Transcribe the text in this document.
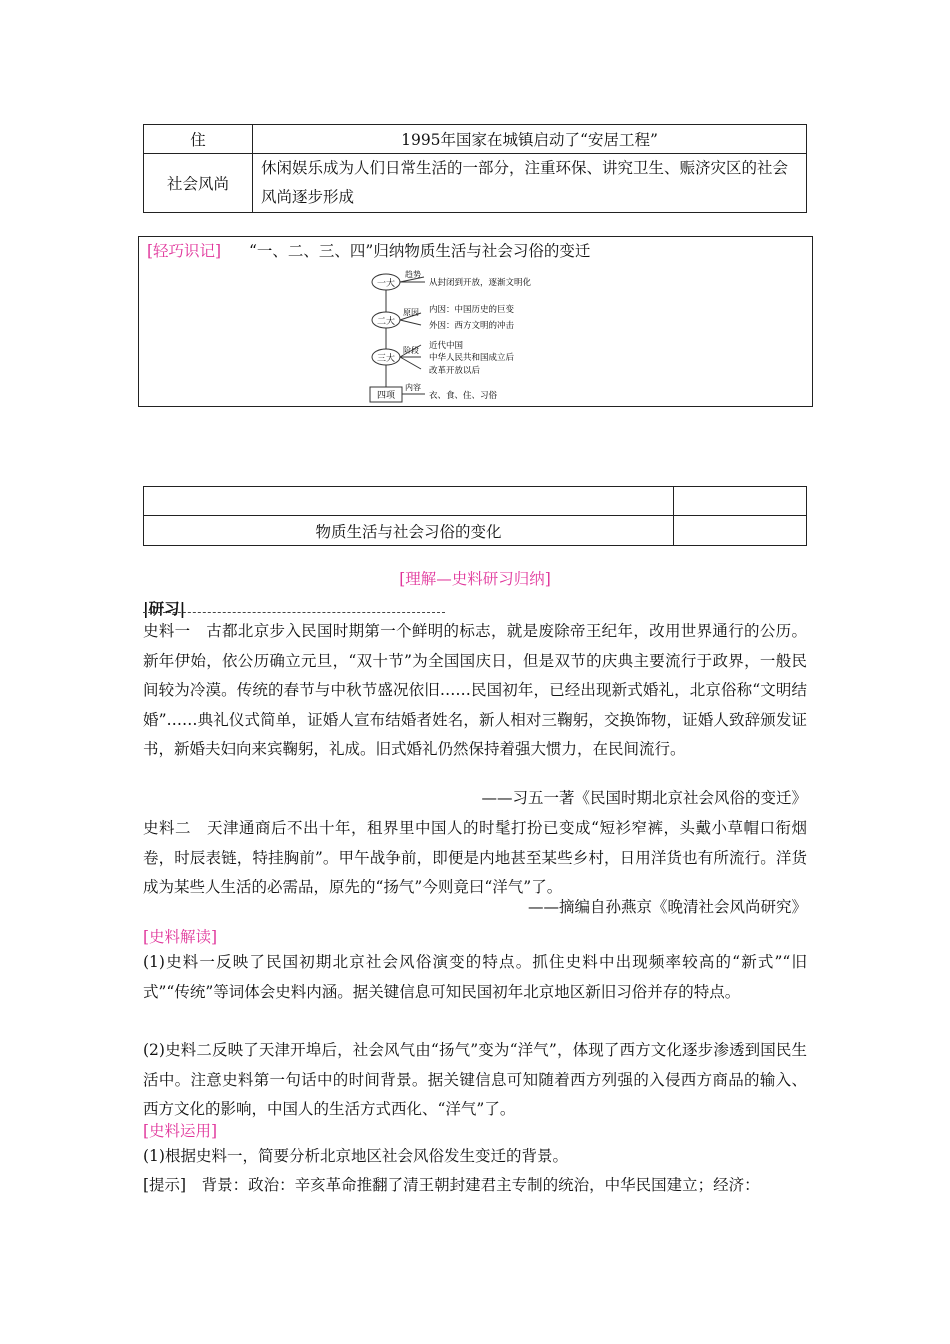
住	1995年国家在城镇启动了“安居工程”
社会风尚	休闲娱乐成为人们日常生活的一部分，注重环保、讲究卫生、赈济灾区的社会风尚逐步形成
[轻巧识记] “一、二、三、四”归纳物质生活与社会习俗的变迁
一大
趋势
从封闭到开放，逐渐文明化
二大
原因 内因：中国历史的巨变
外因：西方文明的冲击
三大
阶段 近代中国
中华人民共和国成立后
改革开放以后
四项
内容
衣、食、住、习俗

物质生活与社会习俗的变化	
[理解—史料研习归纳]
|研习|
史料一　古都北京步入民国时期第一个鲜明的标志，就是废除帝王纪年，改用世界通行的公历。新年伊始，依公历确立元旦，“双十节”为全国国庆日，但是双节的庆典主要流行于政界，一般民间较为冷漠。传统的春节与中秋节盛况依旧……民国初年，已经出现新式婚礼，北京俗称“文明结婚”……典礼仪式简单，证婚人宣布结婚者姓名，新人相对三鞠躬，交换饰物，证婚人致辞颁发证书，新婚夫妇向来宾鞠躬，礼成。旧式婚礼仍然保持着强大惯力，在民间流行。
——习五一著《民国时期北京社会风俗的变迁》
史料二　天津通商后不出十年，租界里中国人的时髦打扮已变成“短衫窄裤，头戴小草帽口衔烟卷，时辰表链，特挂胸前”。甲午战争前，即便是内地甚至某些乡村，日用洋货也有所流行。洋货成为某些人生活的必需品，原先的“扬气”今则竟曰“洋气”了。
——摘编自孙燕京《晚清社会风尚研究》
[史料解读]
(1)史料一反映了民国初期北京社会风俗演变的特点。抓住史料中出现频率较高的“新式”“旧式”“传统”等词体会史料内涵。据关键信息可知民国初年北京地区新旧习俗并存的特点。
(2)史料二反映了天津开埠后，社会风气由“扬气”变为“洋气”，体现了西方文化逐步渗透到国民生活中。注意史料第一句话中的时间背景。据关键信息可知随着西方列强的入侵西方商品的输入、西方文化的影响，中国人的生活方式西化、“洋气”了。
[史料运用]
(1)根据史料一，简要分析北京地区社会风俗发生变迁的背景。
[提示]　背景：政治：辛亥革命推翻了清王朝封建君主专制的统治，中华民国建立；经济：
